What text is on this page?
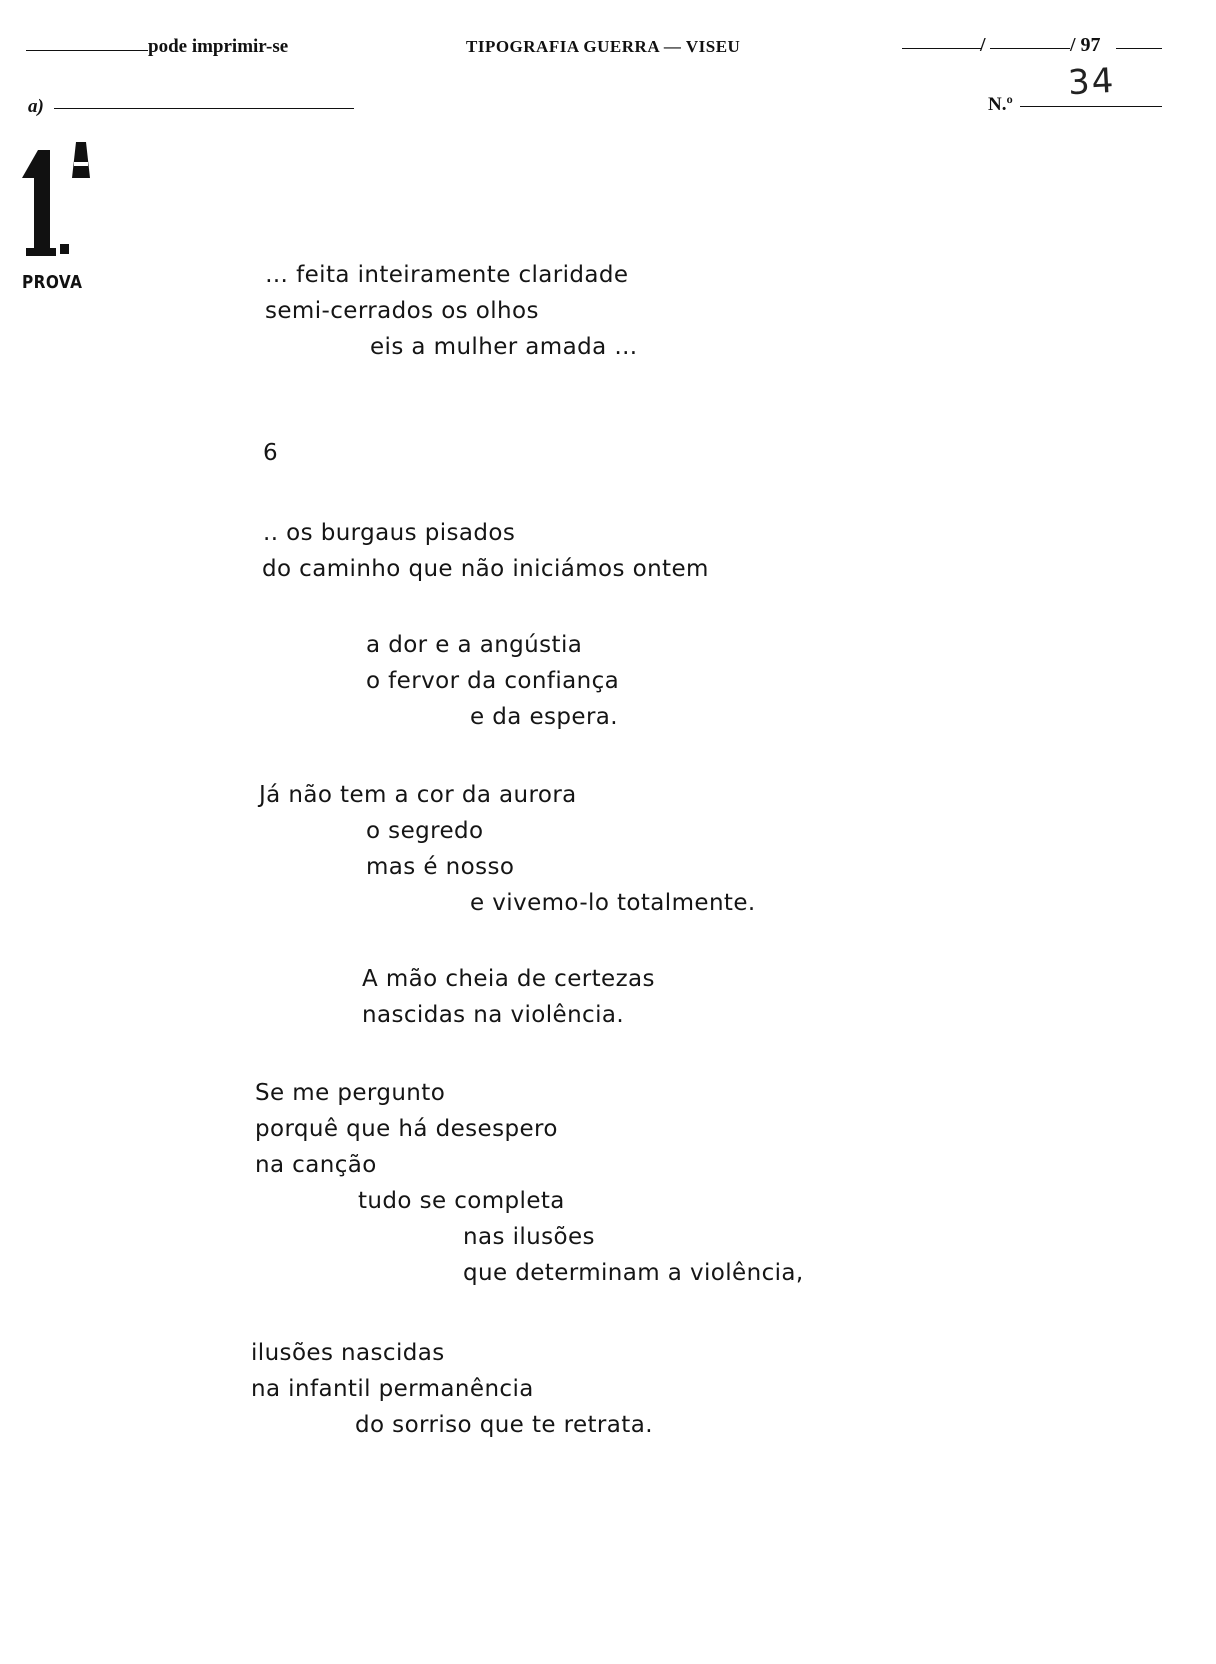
pode imprimir-se	TIPOGRAFIA GUERRA — VISEU	/	/ 97
a)	N.º
34
PROVA	… feita inteiramente claridade
semi-cerrados os olhos
eis a mulher amada …
6
.. os burgaus pisados
do caminho que não iniciámos ontem
a dor e a angústia
o fervor da confiança
e da espera.
Já não tem a cor da aurora
o segredo
mas é nosso
e vivemo-lo totalmente.
A mão cheia de certezas
nascidas na violência.
Se me pergunto
porquê que há desespero
na canção
tudo se completa
nas ilusões
que determinam a violência,
ilusões nascidas
na infantil permanência
do sorriso que te retrata.
